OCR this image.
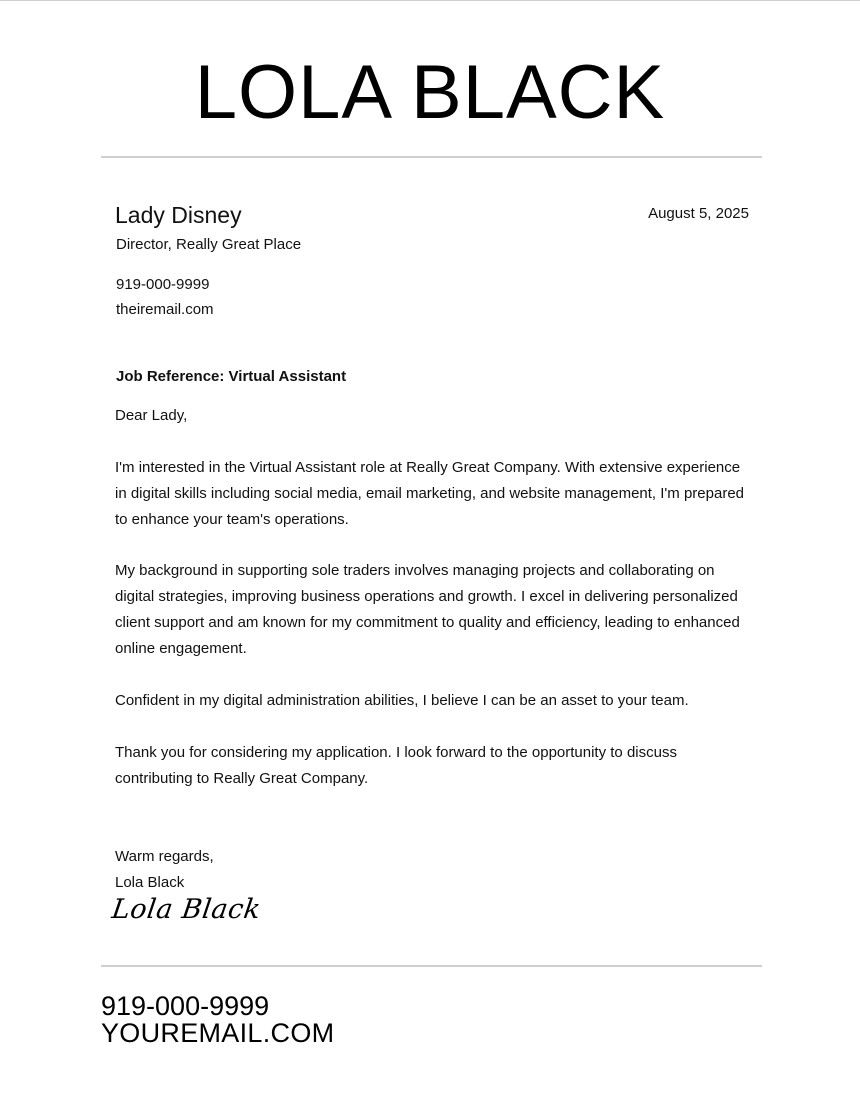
LOLA BLACK
Lady Disney	August 5, 2025
Director, Really Great Place
919-000-9999
theiremail.com
Job Reference: Virtual Assistant

Dear Lady,

I'm interested in the Virtual Assistant role at Really Great Company. With extensive experience in digital skills including social media, email marketing, and website management, I'm prepared to enhance your team's operations.

My background in supporting sole traders involves managing projects and collaborating on digital strategies, improving business operations and growth. I excel in delivering personalized client support and am known for my commitment to quality and efficiency, leading to enhanced online engagement.

Confident in my digital administration abilities, I believe I can be an asset to your team.

Thank you for considering my application. I look forward to the opportunity to discuss contributing to Really Great Company.

Warm regards,

Lola Black

Lola Black
919-000-9999
YOUREMAIL.COM
